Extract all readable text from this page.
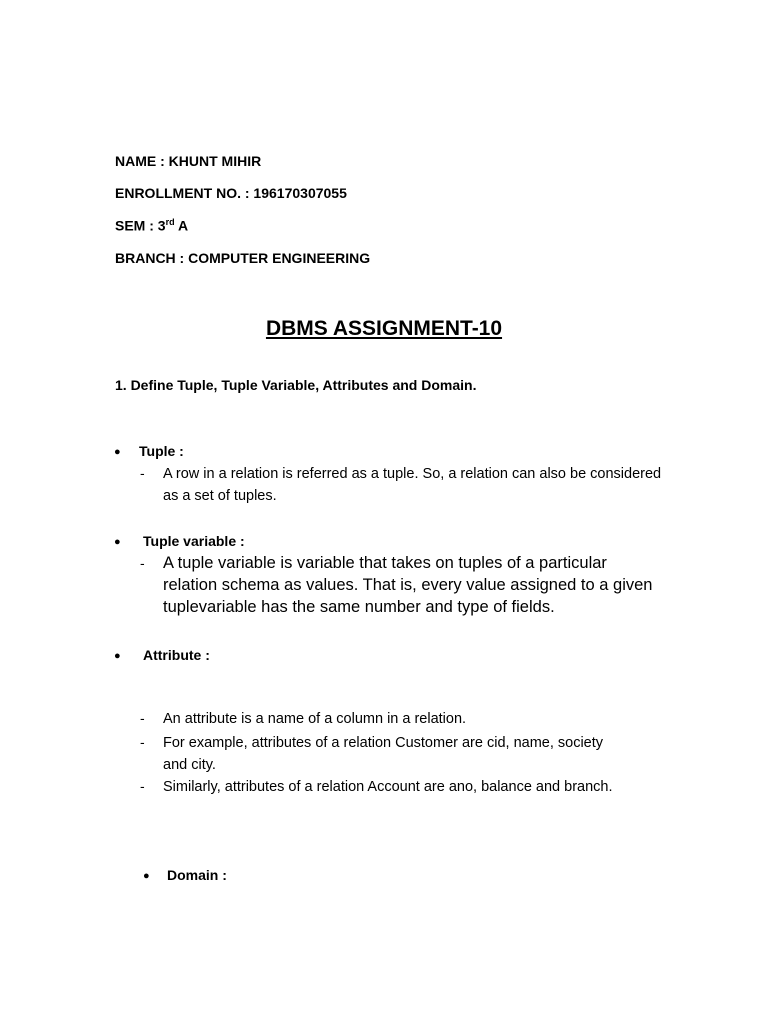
NAME : KHUNT MIHIR
ENROLLMENT NO. : 196170307055
SEM : 3rd A
BRANCH : COMPUTER ENGINEERING
DBMS ASSIGNMENT-10
1. Define Tuple, Tuple Variable, Attributes and Domain.
● Tuple :
- A row in a relation is referred as a tuple. So, a relation can also be considered as a set of tuples.
● Tuple variable :
- A tuple variable is variable that takes on tuples of a particular relation schema as values. That is, every value assigned to a given tuplevariable has the same number and type of fields.
● Attribute :
- An attribute is a name of a column in a relation.
- For example, attributes of a relation Customer are cid, name, society and city.
- Similarly, attributes of a relation Account are ano, balance and branch.
● Domain :
